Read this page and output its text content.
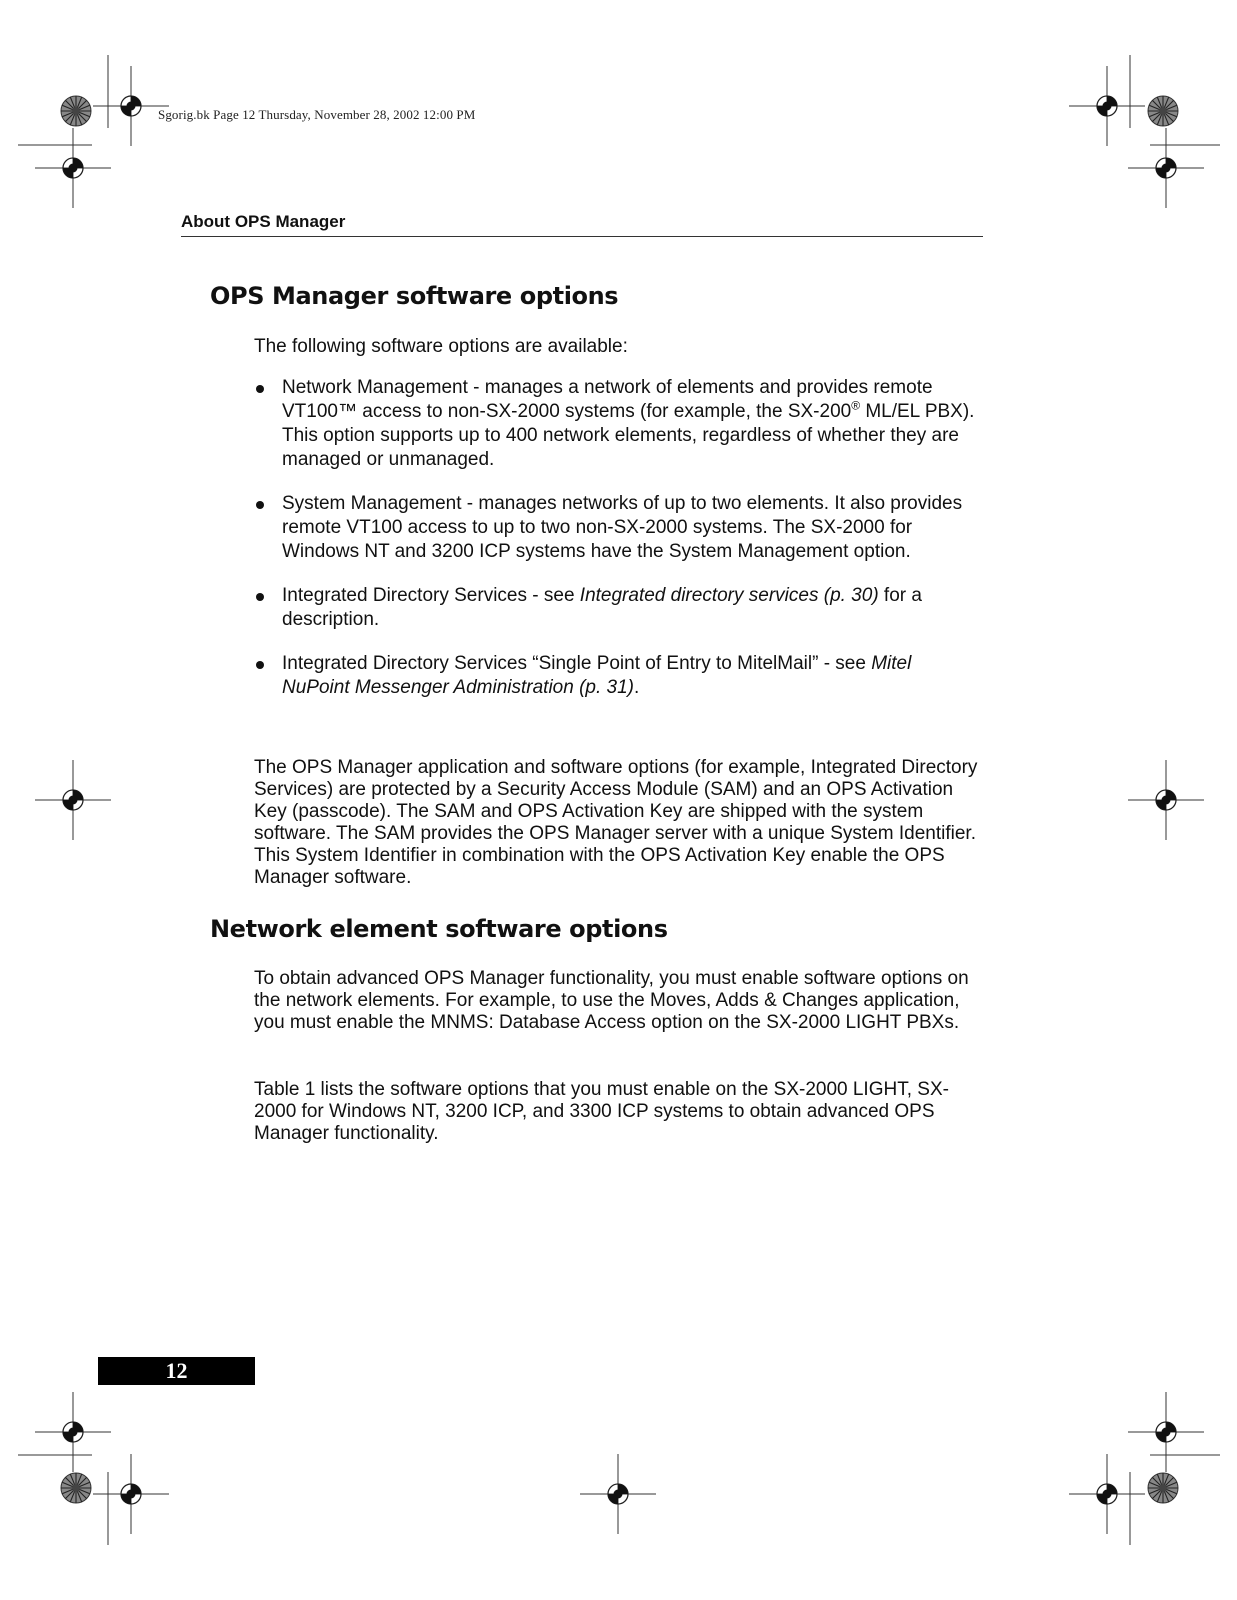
Sgorig.bk Page 12 Thursday, November 28, 2002 12:00 PM
About OPS Manager
OPS Manager software options

The following software options are available:

Network Management - manages a network of elements and provides remote VT100™ access to non-SX-2000 systems (for example, the SX-200® ML/EL PBX). This option supports up to 400 network elements, regardless of whether they are managed or unmanaged.
System Management - manages networks of up to two elements. It also provides remote VT100 access to up to two non-SX-2000 systems. The SX-2000 for Windows NT and 3200 ICP systems have the System Management option.
Integrated Directory Services - see Integrated directory services (p. 30) for a description.
Integrated Directory Services “Single Point of Entry to MitelMail” - see Mitel NuPoint Messenger Administration (p. 31).

The OPS Manager application and software options (for example, Integrated Directory Services) are protected by a Security Access Module (SAM) and an OPS Activation Key (passcode). The SAM and OPS Activation Key are shipped with the system software. The SAM provides the OPS Manager server with a unique System Identifier. This System Identifier in combination with the OPS Activation Key enable the OPS Manager software.

Network element software options

To obtain advanced OPS Manager functionality, you must enable software options on the network elements. For example, to use the Moves, Adds & Changes application, you must enable the MNMS: Database Access option on the SX-2000 LIGHT PBXs.

Table 1 lists the software options that you must enable on the SX-2000 LIGHT, SX-2000 for Windows NT, 3200 ICP, and 3300 ICP systems to obtain advanced OPS Manager functionality.

12
